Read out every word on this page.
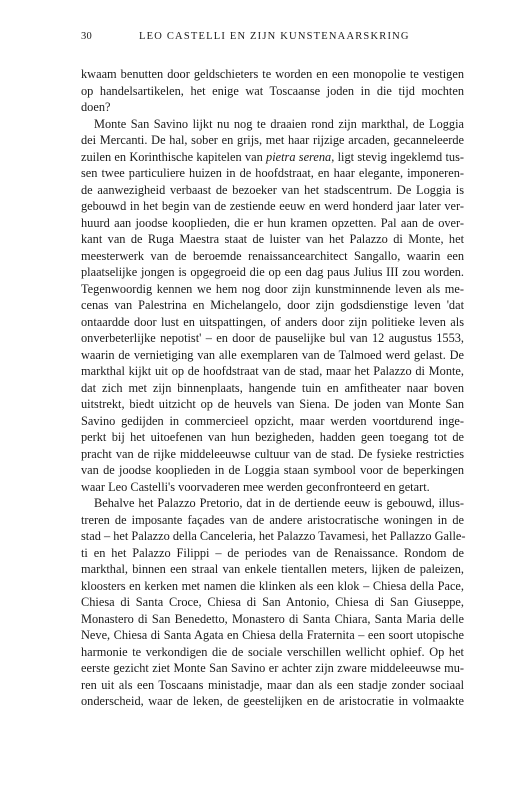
30	LEO CASTELLI EN ZIJN KUNSTENAARSKRING
kwaam benutten door geldschieters te worden en een monopolie te vestigen
op handelsartikelen, het enige wat Toscaanse joden in die tijd mochten
doen?
Monte San Savino lijkt nu nog te draaien rond zijn markthal, de Loggia
dei Mercanti. De hal, sober en grijs, met haar rijzige arcaden, gecanneleerde
zuilen en Korinthische kapitelen van pietra serena, ligt stevig ingeklemd tus-
sen twee particuliere huizen in de hoofdstraat, en haar elegante, imponeren-
de aanwezigheid verbaast de bezoeker van het stadscentrum. De Loggia is
gebouwd in het begin van de zestiende eeuw en werd honderd jaar later ver-
huurd aan joodse kooplieden, die er hun kramen opzetten. Pal aan de over-
kant van de Ruga Maestra staat de luister van het Palazzo di Monte, het
meesterwerk van de beroemde renaissancearchitect Sangallo, waarin een
plaatselijke jongen is opgegroeid die op een dag paus Julius III zou worden.
Tegenwoordig kennen we hem nog door zijn kunstminnende leven als me-
cenas van Palestrina en Michelangelo, door zijn godsdienstige leven 'dat
ontaardde door lust en uitspattingen, of anders door zijn politieke leven als
onverbeterlijke nepotist' – en door de pauselijke bul van 12 augustus 1553,
waarin de vernietiging van alle exemplaren van de Talmoed werd gelast. De
markthal kijkt uit op de hoofdstraat van de stad, maar het Palazzo di Monte,
dat zich met zijn binnenplaats, hangende tuin en amfitheater naar boven
uitstrekt, biedt uitzicht op de heuvels van Siena. De joden van Monte San
Savino gedijden in commercieel opzicht, maar werden voortdurend inge-
perkt bij het uitoefenen van hun bezigheden, hadden geen toegang tot de
pracht van de rijke middeleeuwse cultuur van de stad. De fysieke restricties
van de joodse kooplieden in de Loggia staan symbool voor de beperkingen
waar Leo Castelli's voorvaderen mee werden geconfronteerd en getart.
Behalve het Palazzo Pretorio, dat in de dertiende eeuw is gebouwd, illus-
treren de imposante façades van de andere aristocratische woningen in de
stad – het Palazzo della Canceleria, het Palazzo Tavamesi, het Pallazzo Galle-
ti en het Palazzo Filippi – de periodes van de Renaissance. Rondom de
markthal, binnen een straal van enkele tientallen meters, lijken de paleizen,
kloosters en kerken met namen die klinken als een klok – Chiesa della Pace,
Chiesa di Santa Croce, Chiesa di San Antonio, Chiesa di San Giuseppe,
Monastero di San Benedetto, Monastero di Santa Chiara, Santa Maria delle
Neve, Chiesa di Santa Agata en Chiesa della Fraternita – een soort utopische
harmonie te verkondigen die de sociale verschillen wellicht ophief. Op het
eerste gezicht ziet Monte San Savino er achter zijn zware middeleeuwse mu-
ren uit als een Toscaans ministadje, maar dan als een stadje zonder sociaal
onderscheid, waar de leken, de geestelijken en de aristocratie in volmaakte
